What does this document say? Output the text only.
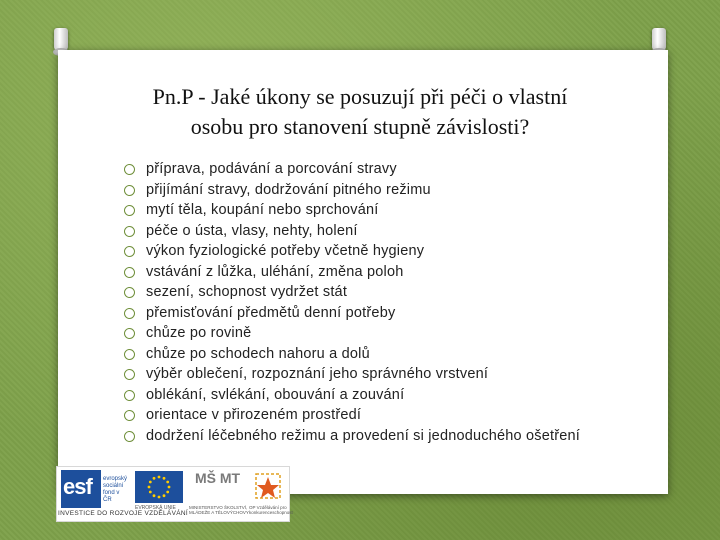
Pn.P - Jaké úkony se posuzují při péči o vlastní
osobu pro stanovení stupně závislosti?
příprava, podávání a porcování stravy
přijímání stravy, dodržování pitného režimu
mytí těla, koupání nebo sprchování
péče o ústa, vlasy, nehty, holení
výkon fyziologické potřeby včetně hygieny
vstávání z lůžka, uléhání, změna poloh
sezení, schopnost vydržet stát
přemisťování předmětů denní potřeby
chůze po rovině
chůze po schodech nahoru a dolů
výběr oblečení, rozpoznání jeho správného vrstvení
oblékání, svlékání, obouvání a zouvání
orientace v přirozeném prostředí
dodržení léčebného režimu a provedení si jednoduchého ošetření
esf evropský sociální fond v ČR
EVROPSKÁ UNIE
MŠ MT
MINISTERSTVO ŠKOLSTVÍ, MLÁDEŽE A TĚLOVÝCHOVY
OP Vzdělávání pro konkurenceschopnost
INVESTICE DO ROZVOJE VZDĚLÁVÁNÍ
